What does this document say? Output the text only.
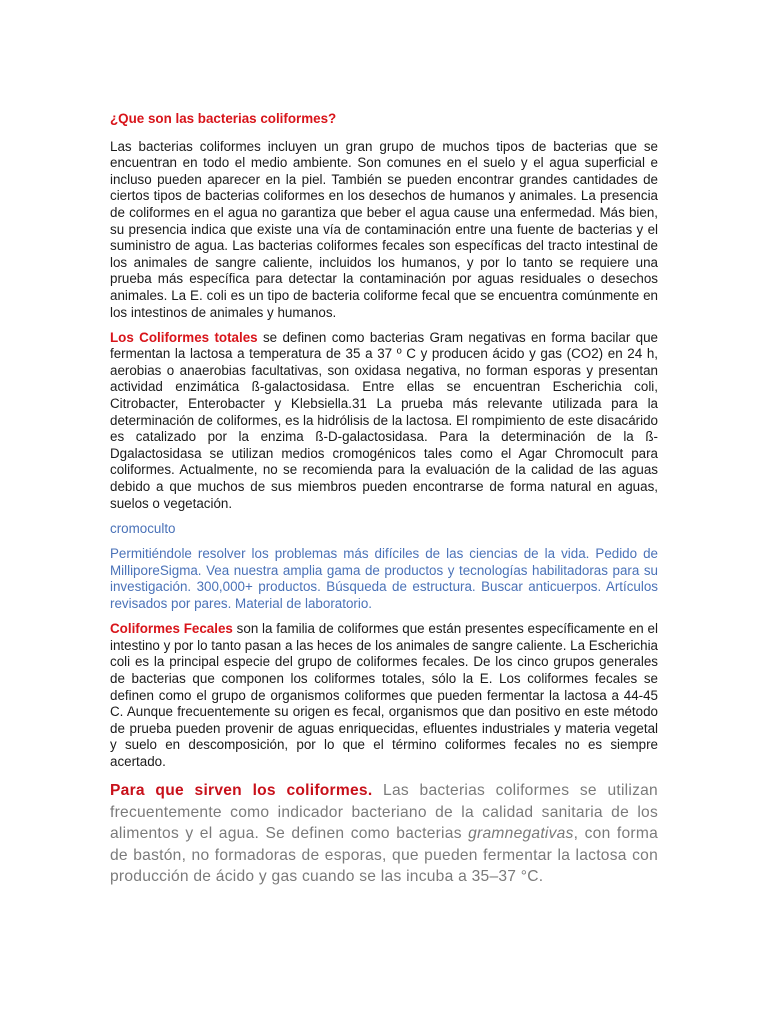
¿Que son las bacterias coliformes?

Las bacterias coliformes incluyen un gran grupo de muchos tipos de bacterias que se encuentran en todo el medio ambiente. Son comunes en el suelo y el agua superficial e incluso pueden aparecer en la piel. También se pueden encontrar grandes cantidades de ciertos tipos de bacterias coliformes en los desechos de humanos y animales. La presencia de coliformes en el agua no garantiza que beber el agua cause una enfermedad. Más bien, su presencia indica que existe una vía de contaminación entre una fuente de bacterias y el suministro de agua. Las bacterias coliformes fecales son específicas del tracto intestinal de los animales de sangre caliente, incluidos los humanos, y por lo tanto se requiere una prueba más específica para detectar la contaminación por aguas residuales o desechos animales. La E. coli es un tipo de bacteria coliforme fecal que se encuentra comúnmente en los intestinos de animales y humanos.

Los Coliformes totales se definen como bacterias Gram negativas en forma bacilar que fermentan la lactosa a temperatura de 35 a 37 º C y producen ácido y gas (CO2) en 24 h, aerobias o anaerobias facultativas, son oxidasa negativa, no forman esporas y presentan actividad enzimática ß-galactosidasa. Entre ellas se encuentran Escherichia coli, Citrobacter, Enterobacter y Klebsiella.31 La prueba más relevante utilizada para la determinación de coliformes, es la hidrólisis de la lactosa. El rompimiento de este disacárido es catalizado por la enzima ß-D-galactosidasa. Para la determinación de la ß-Dgalactosidasa se utilizan medios cromogénicos tales como el Agar Chromocult para coliformes. Actualmente, no se recomienda para la evaluación de la calidad de las aguas debido a que muchos de sus miembros pueden encontrarse de forma natural en aguas, suelos o vegetación.

cromoculto

Permitiéndole resolver los problemas más difíciles de las ciencias de la vida. Pedido de MilliporeSigma. Vea nuestra amplia gama de productos y tecnologías habilitadoras para su investigación. 300,000+ productos. Búsqueda de estructura. Buscar anticuerpos. Artículos revisados por pares. Material de laboratorio.

Coliformes Fecales son la familia de coliformes que están presentes específicamente en el intestino y por lo tanto pasan a las heces de los animales de sangre caliente. La Escherichia coli es la principal especie del grupo de coliformes fecales. De los cinco grupos generales de bacterias que componen los coliformes totales, sólo la E. Los coliformes fecales se definen como el grupo de organismos coliformes que pueden fermentar la lactosa a 44-45 C. Aunque frecuentemente su origen es fecal, organismos que dan positivo en este método de prueba pueden provenir de aguas enriquecidas, efluentes industriales y materia vegetal y suelo en descomposición, por lo que el término coliformes fecales no es siempre acertado.

Para que sirven los coliformes. Las bacterias coliformes se utilizan frecuentemente como indicador bacteriano de la calidad sanitaria de los alimentos y el agua. Se definen como bacterias gramnegativas, con forma de bastón, no formadoras de esporas, que pueden fermentar la lactosa con producción de ácido y gas cuando se las incuba a 35–37 °C.
